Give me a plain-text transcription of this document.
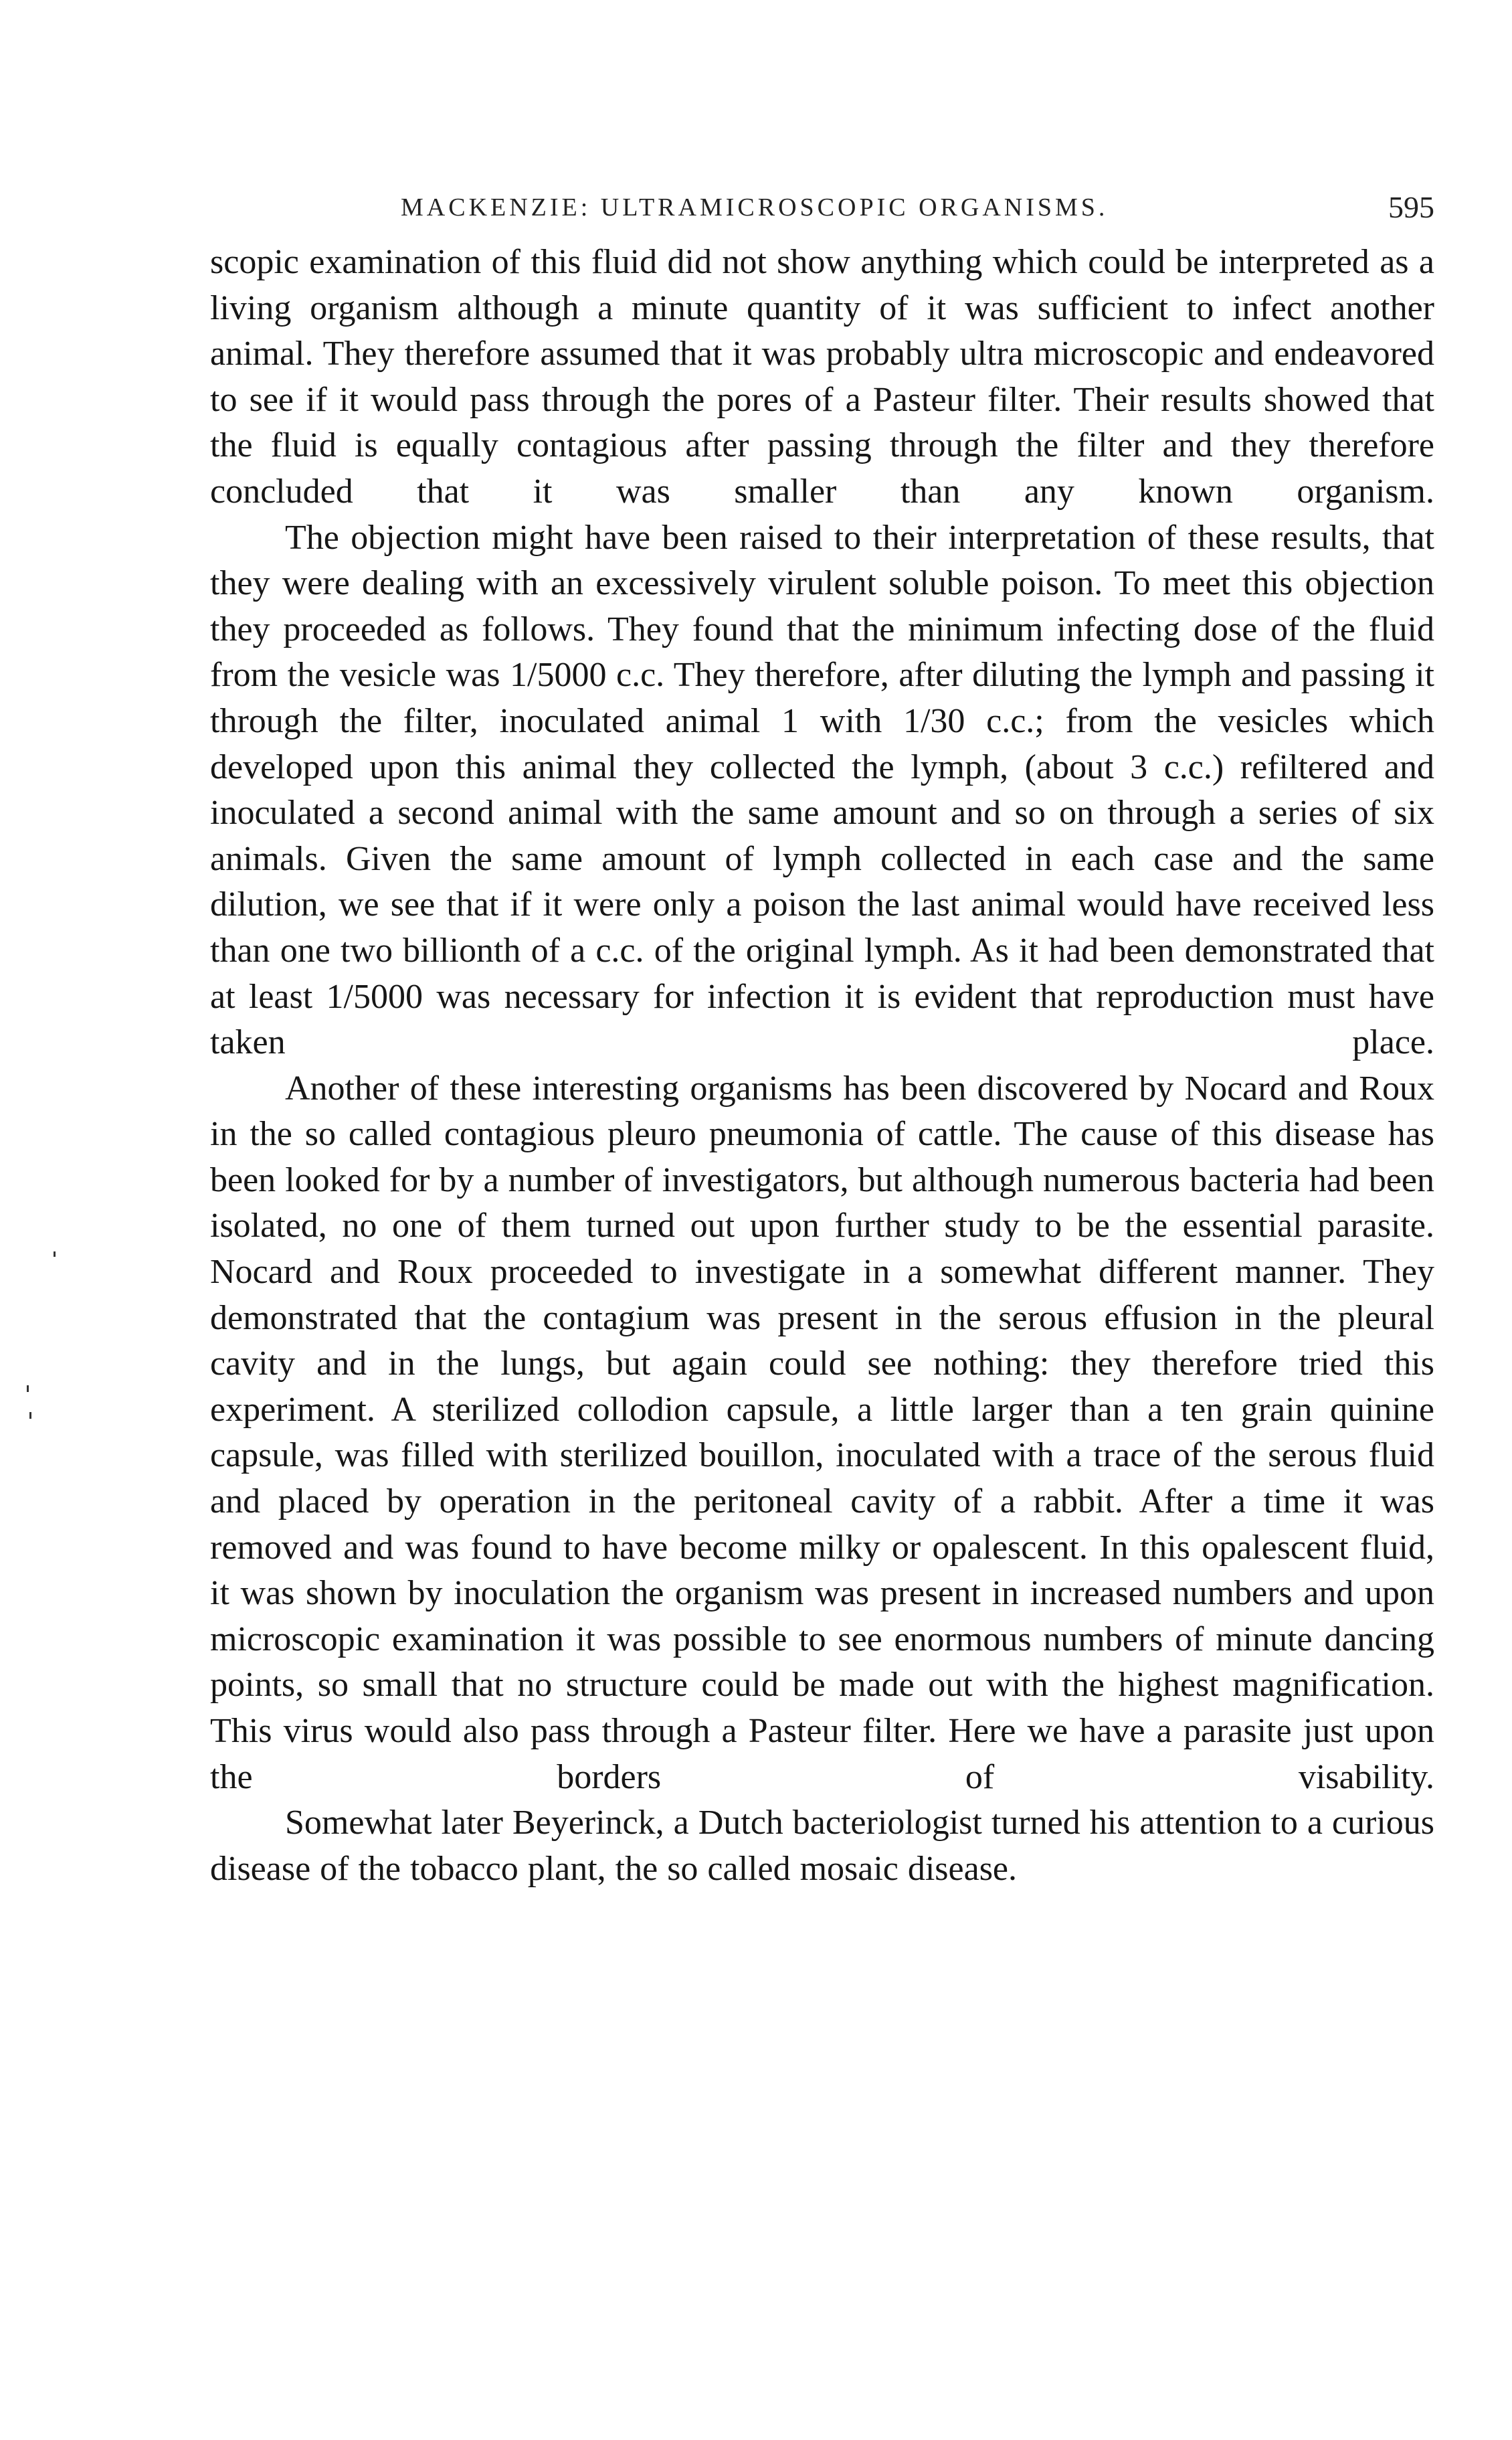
MACKENZIE: ULTRAMICROSCOPIC ORGANISMS.	595

scopic examination of this fluid did not show anything which could be interpreted as a living organism although a minute quantity of it was sufficient to infect another animal. They therefore assumed that it was probably ultra microscopic and endeavored to see if it would pass through the pores of a Pasteur filter. Their results showed that the fluid is equally contagious after passing through the filter and they therefore concluded that it was smaller than any known organism.

The objection might have been raised to their interpretation of these results, that they were dealing with an excessively virulent soluble poison. To meet this objection they proceeded as follows. They found that the minimum infecting dose of the fluid from the vesicle was 1/5000 c.c. They therefore, after diluting the lymph and passing it through the filter, inoculated animal 1 with 1/30 c.c.; from the vesicles which developed upon this animal they collected the lymph, (about 3 c.c.) refiltered and inoculated a second animal with the same amount and so on through a series of six animals. Given the same amount of lymph collected in each case and the same dilution, we see that if it were only a poison the last animal would have received less than one two billionth of a c.c. of the original lymph. As it had been demonstrated that at least 1/5000 was necessary for infection it is evident that reproduction must have taken place.

Another of these interesting organisms has been discovered by Nocard and Roux in the so called contagious pleuro pneumonia of cattle. The cause of this disease has been looked for by a number of investigators, but although numerous bacteria had been isolated, no one of them turned out upon further study to be the essential parasite. Nocard and Roux proceeded to investigate in a somewhat different manner. They demonstrated that the contagium was present in the serous effusion in the pleural cavity and in the lungs, but again could see nothing: they therefore tried this experiment. A sterilized collodion capsule, a little larger than a ten grain quinine capsule, was filled with sterilized bouillon, inoculated with a trace of the serous fluid and placed by operation in the peritoneal cavity of a rabbit. After a time it was removed and was found to have become milky or opalescent. In this opalescent fluid, it was shown by inoculation the organism was present in increased numbers and upon microscopic examination it was possible to see enormous numbers of minute dancing points, so small that no structure could be made out with the highest magnification. This virus would also pass through a Pasteur filter. Here we have a parasite just upon the borders of visability.

Somewhat later Beyerinck, a Dutch bacteriologist turned his attention to a curious disease of the tobacco plant, the so called mosaic disease.
